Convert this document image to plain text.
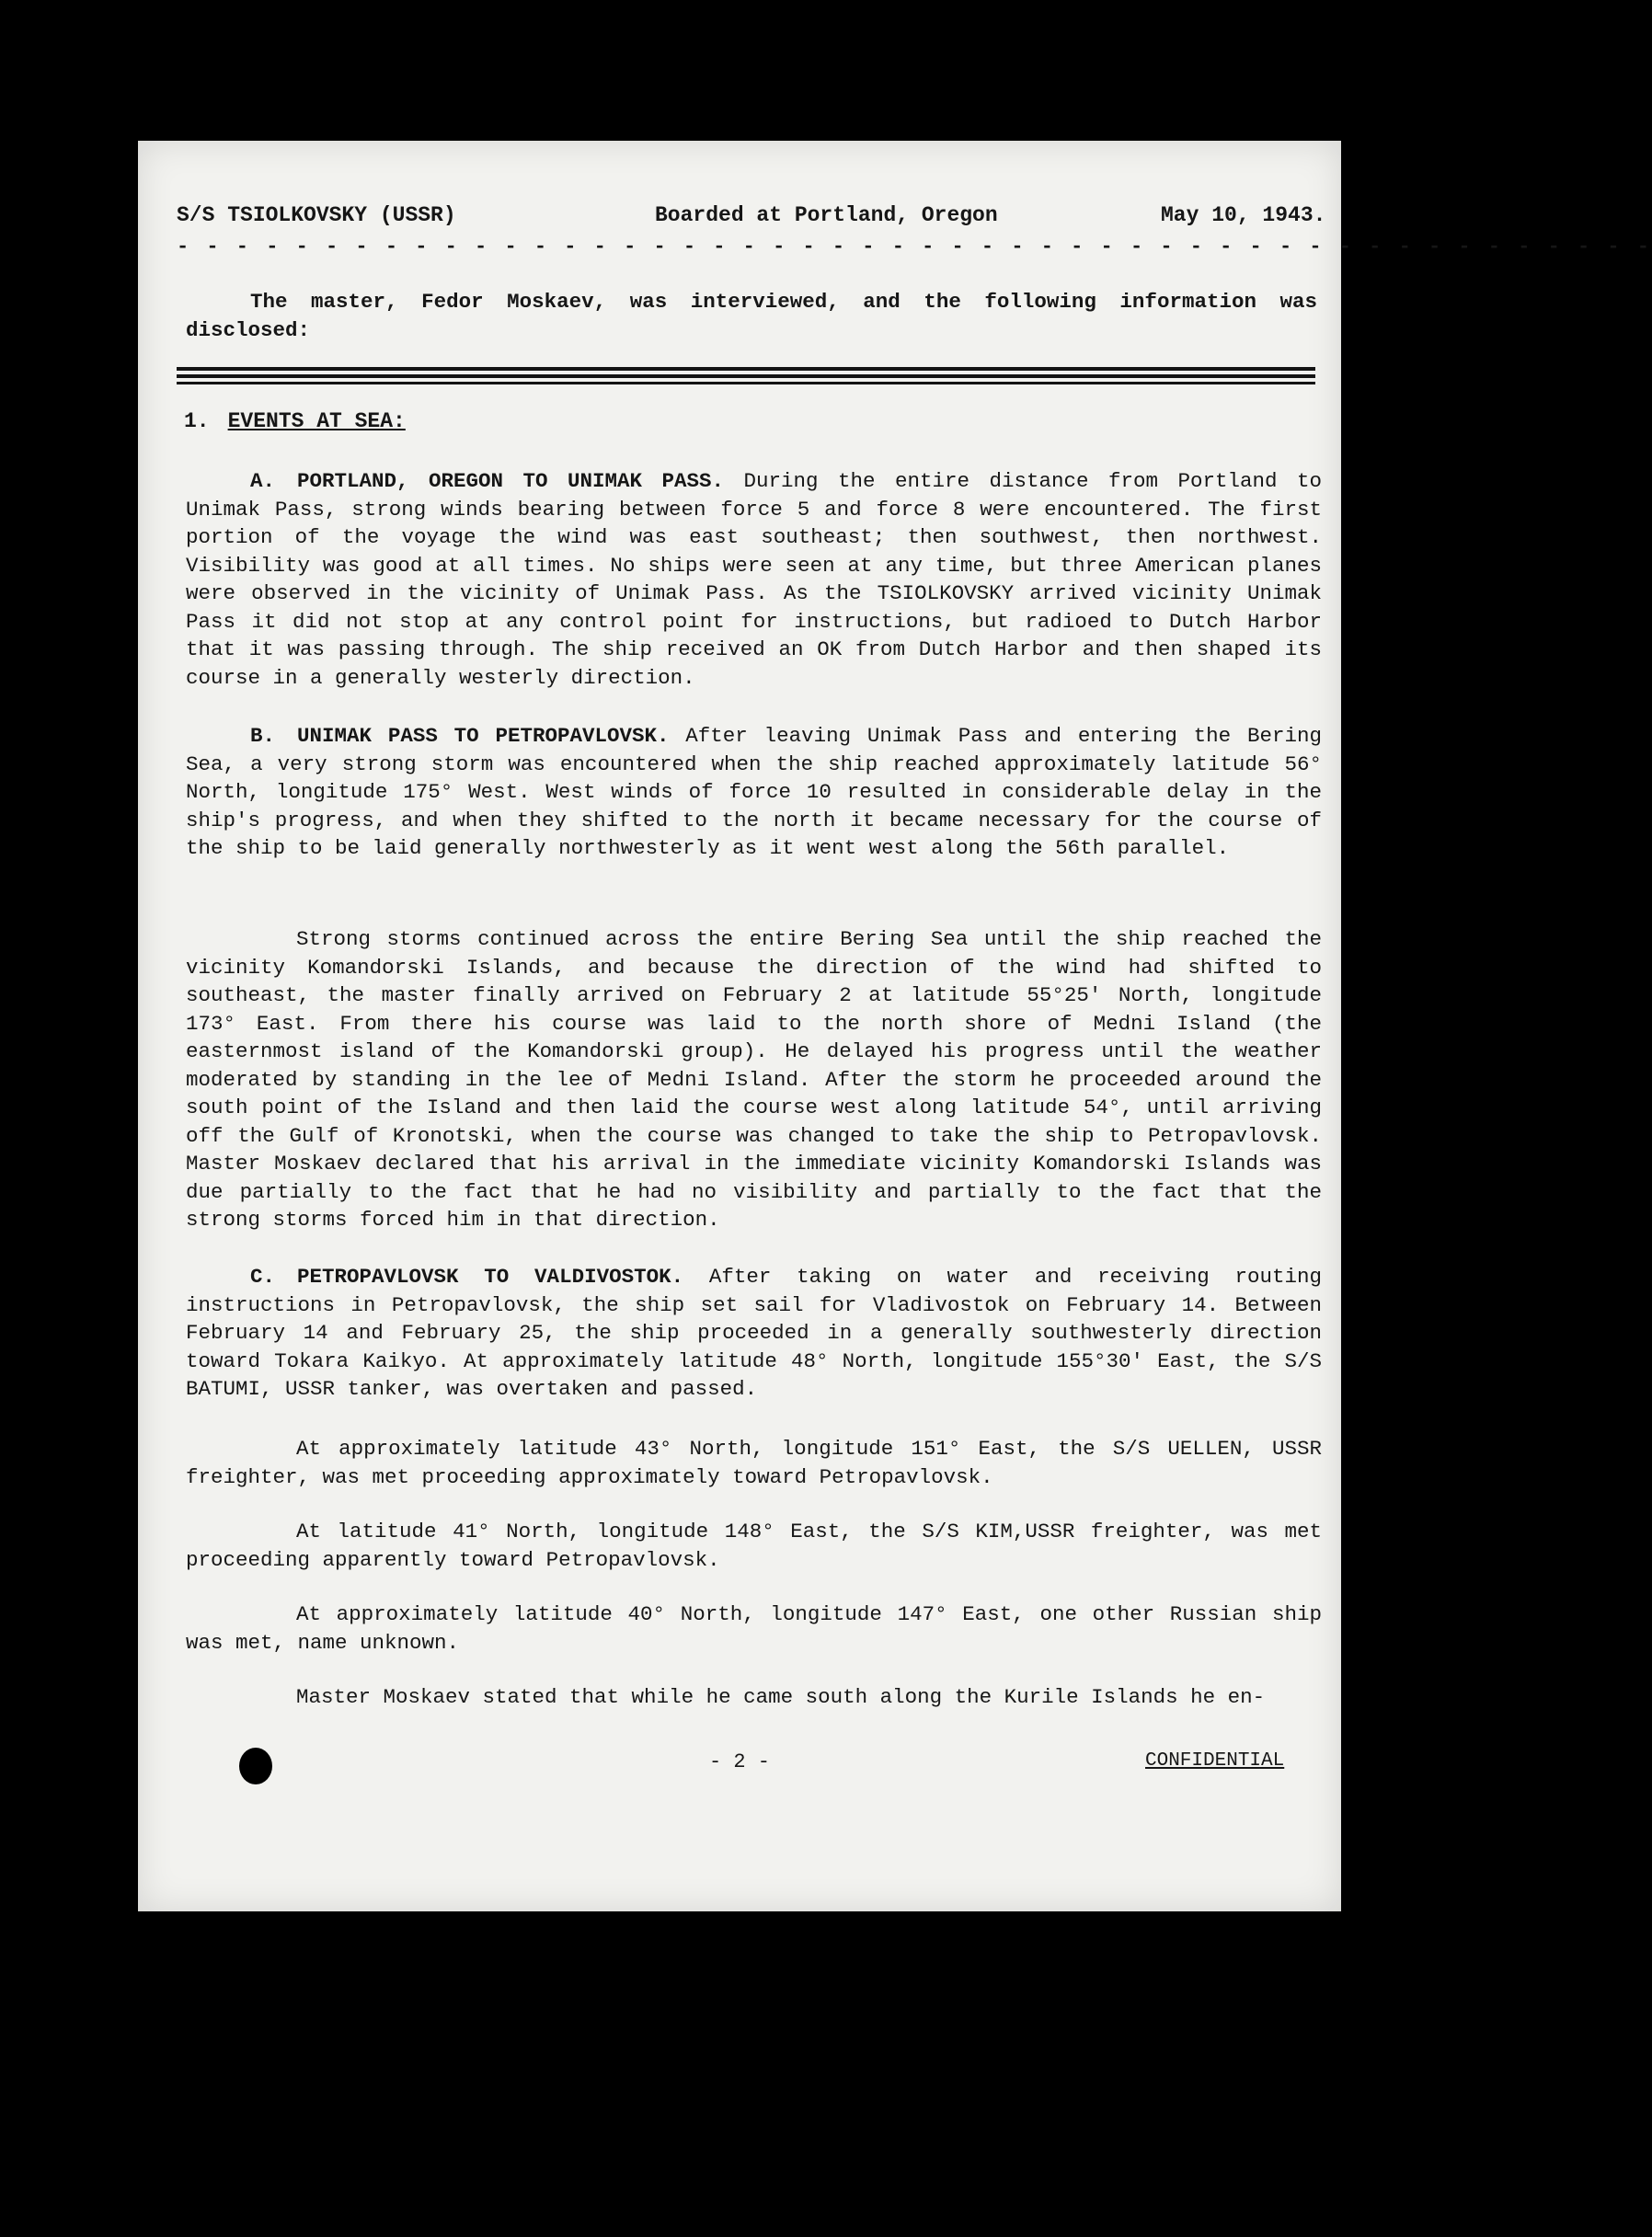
S/S TSIOLKOVSKY (USSR)	Boarded at Portland, Oregon	May 10, 1943.
- - - - - - - - - - - - - - - - - - - - - - - - - - - - - - - - - - - - - - - - - - - - - - - - - -
The master, Fedor Moskaev, was interviewed, and the following information was disclosed:
1. EVENTS AT SEA:
A. PORTLAND, OREGON TO UNIMAK PASS. During the entire distance from Portland to Unimak Pass, strong winds bearing between force 5 and force 8 were encountered. The first portion of the voyage the wind was east southeast; then southwest, then northwest. Visibility was good at all times. No ships were seen at any time, but three American planes were observed in the vicinity of Unimak Pass. As the TSIOLKOVSKY arrived vicinity Unimak Pass it did not stop at any control point for instructions, but radioed to Dutch Harbor that it was passing through. The ship received an OK from Dutch Harbor and then shaped its course in a generally westerly direction.
B. UNIMAK PASS TO PETROPAVLOVSK. After leaving Unimak Pass and entering the Bering Sea, a very strong storm was encountered when the ship reached approximately latitude 56° North, longitude 175° West. West winds of force 10 resulted in considerable delay in the ship's progress, and when they shifted to the north it became necessary for the course of the ship to be laid generally northwesterly as it went west along the 56th parallel.
Strong storms continued across the entire Bering Sea until the ship reached the vicinity Komandorski Islands, and because the direction of the wind had shifted to southeast, the master finally arrived on February 2 at latitude 55°25' North, longitude 173° East. From there his course was laid to the north shore of Medni Island (the easternmost island of the Komandorski group). He delayed his progress until the weather moderated by standing in the lee of Medni Island. After the storm he proceeded around the south point of the Island and then laid the course west along latitude 54°, until arriving off the Gulf of Kronotski, when the course was changed to take the ship to Petropavlovsk. Master Moskaev declared that his arrival in the immediate vicinity Komandorski Islands was due partially to the fact that he had no visibility and partially to the fact that the strong storms forced him in that direction.
C. PETROPAVLOVSK TO VALDIVOSTOK. After taking on water and receiving routing instructions in Petropavlovsk, the ship set sail for Vladivostok on February 14. Between February 14 and February 25, the ship proceeded in a generally southwesterly direction toward Tokara Kaikyo. At approximately latitude 48° North, longitude 155°30' East, the S/S BATUMI, USSR tanker, was overtaken and passed.
At approximately latitude 43° North, longitude 151° East, the S/S UELLEN, USSR freighter, was met proceeding approximately toward Petropavlovsk.
At latitude 41° North, longitude 148° East, the S/S KIM,USSR freighter, was met proceeding apparently toward Petropavlovsk.
At approximately latitude 40° North, longitude 147° East, one other Russian ship was met, name unknown.
Master Moskaev stated that while he came south along the Kurile Islands he en-
- 2 -	CONFIDENTIAL
